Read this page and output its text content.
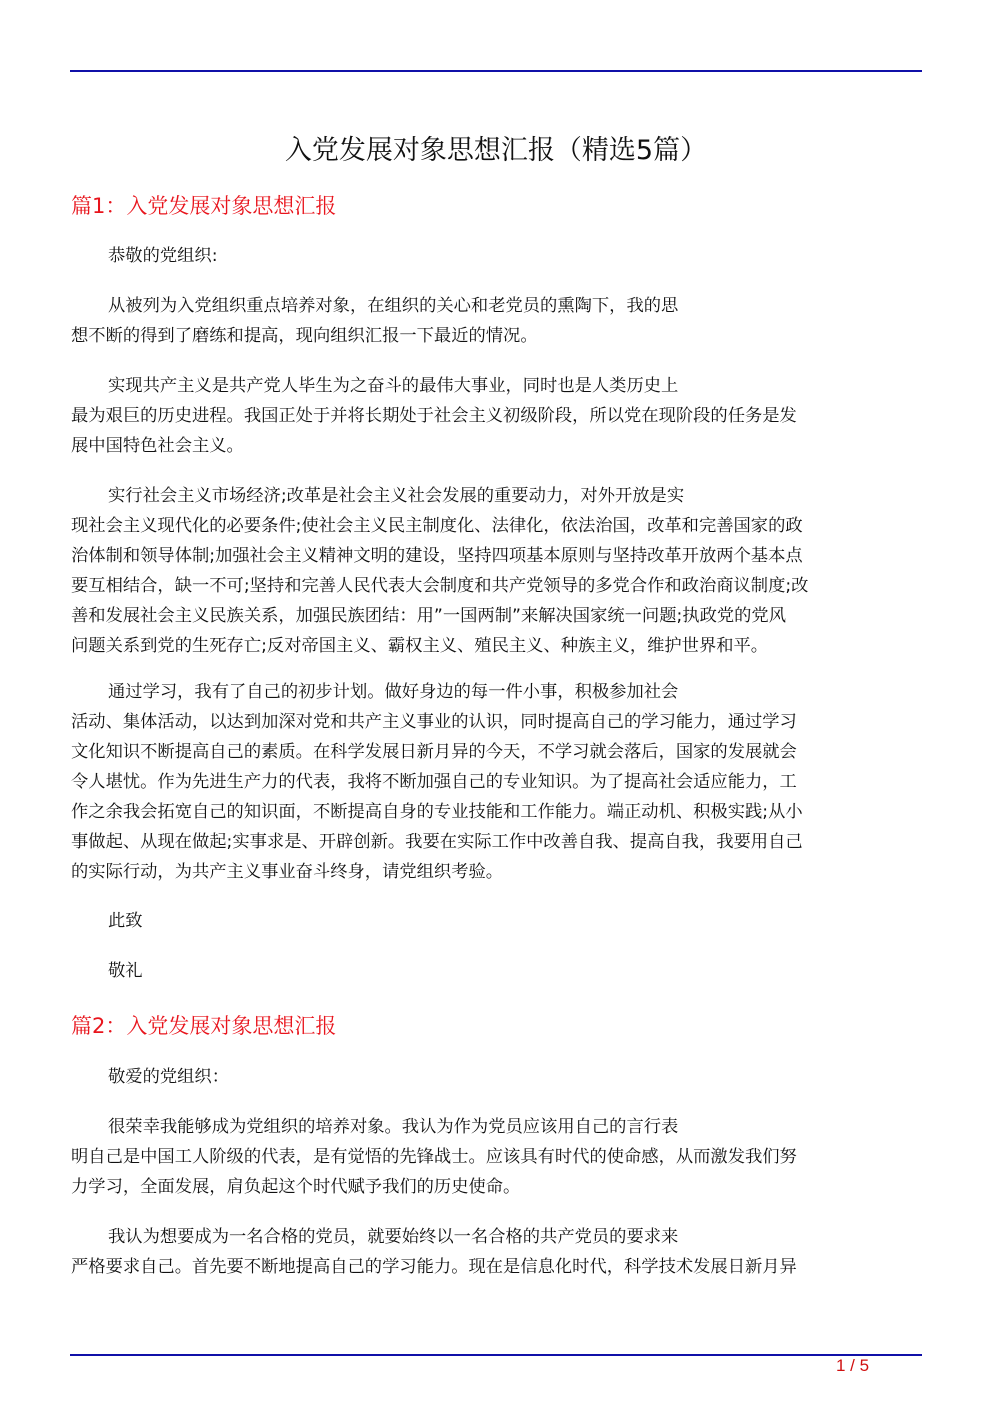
入党发展对象思想汇报（精选5篇）
篇1：入党发展对象思想汇报
恭敬的党组织:
从被列为入党组织重点培养对象，在组织的关心和老党员的熏陶下，我的思
想不断的得到了磨练和提高，现向组织汇报一下最近的情况。
实现共产主义是共产党人毕生为之奋斗的最伟大事业，同时也是人类历史上
最为艰巨的历史进程。我国正处于并将长期处于社会主义初级阶段，所以党在现阶段的任务是发
展中国特色社会主义。
实行社会主义市场经济;改革是社会主义社会发展的重要动力，对外开放是实
现社会主义现代化的必要条件;使社会主义民主制度化、法律化，依法治国，改革和完善国家的政
治体制和领导体制;加强社会主义精神文明的建设，坚持四项基本原则与坚持改革开放两个基本点
要互相结合，缺一不可;坚持和完善人民代表大会制度和共产党领导的多党合作和政治商议制度;改
善和发展社会主义民族关系，加强民族团结：用”一国两制”来解决国家统一问题;执政党的党风
问题关系到党的生死存亡;反对帝国主义、霸权主义、殖民主义、种族主义，维护世界和平。
通过学习，我有了自己的初步计划。做好身边的每一件小事，积极参加社会
活动、集体活动，以达到加深对党和共产主义事业的认识，同时提高自己的学习能力，通过学习
文化知识不断提高自己的素质。在科学发展日新月异的今天，不学习就会落后，国家的发展就会
令人堪忧。作为先进生产力的代表，我将不断加强自己的专业知识。为了提高社会适应能力，工
作之余我会拓宽自己的知识面，不断提高自身的专业技能和工作能力。端正动机、积极实践;从小
事做起、从现在做起;实事求是、开辟创新。我要在实际工作中改善自我、提高自我，我要用自己
的实际行动，为共产主义事业奋斗终身，请党组织考验。
此致
敬礼
篇2：入党发展对象思想汇报
敬爱的党组织：
很荣幸我能够成为党组织的培养对象。我认为作为党员应该用自己的言行表
明自己是中国工人阶级的代表，是有觉悟的先锋战士。应该具有时代的使命感，从而激发我们努
力学习，全面发展，肩负起这个时代赋予我们的历史使命。
我认为想要成为一名合格的党员，就要始终以一名合格的共产党员的要求来
严格要求自己。首先要不断地提高自己的学习能力。现在是信息化时代，科学技术发展日新月异
1 / 5
